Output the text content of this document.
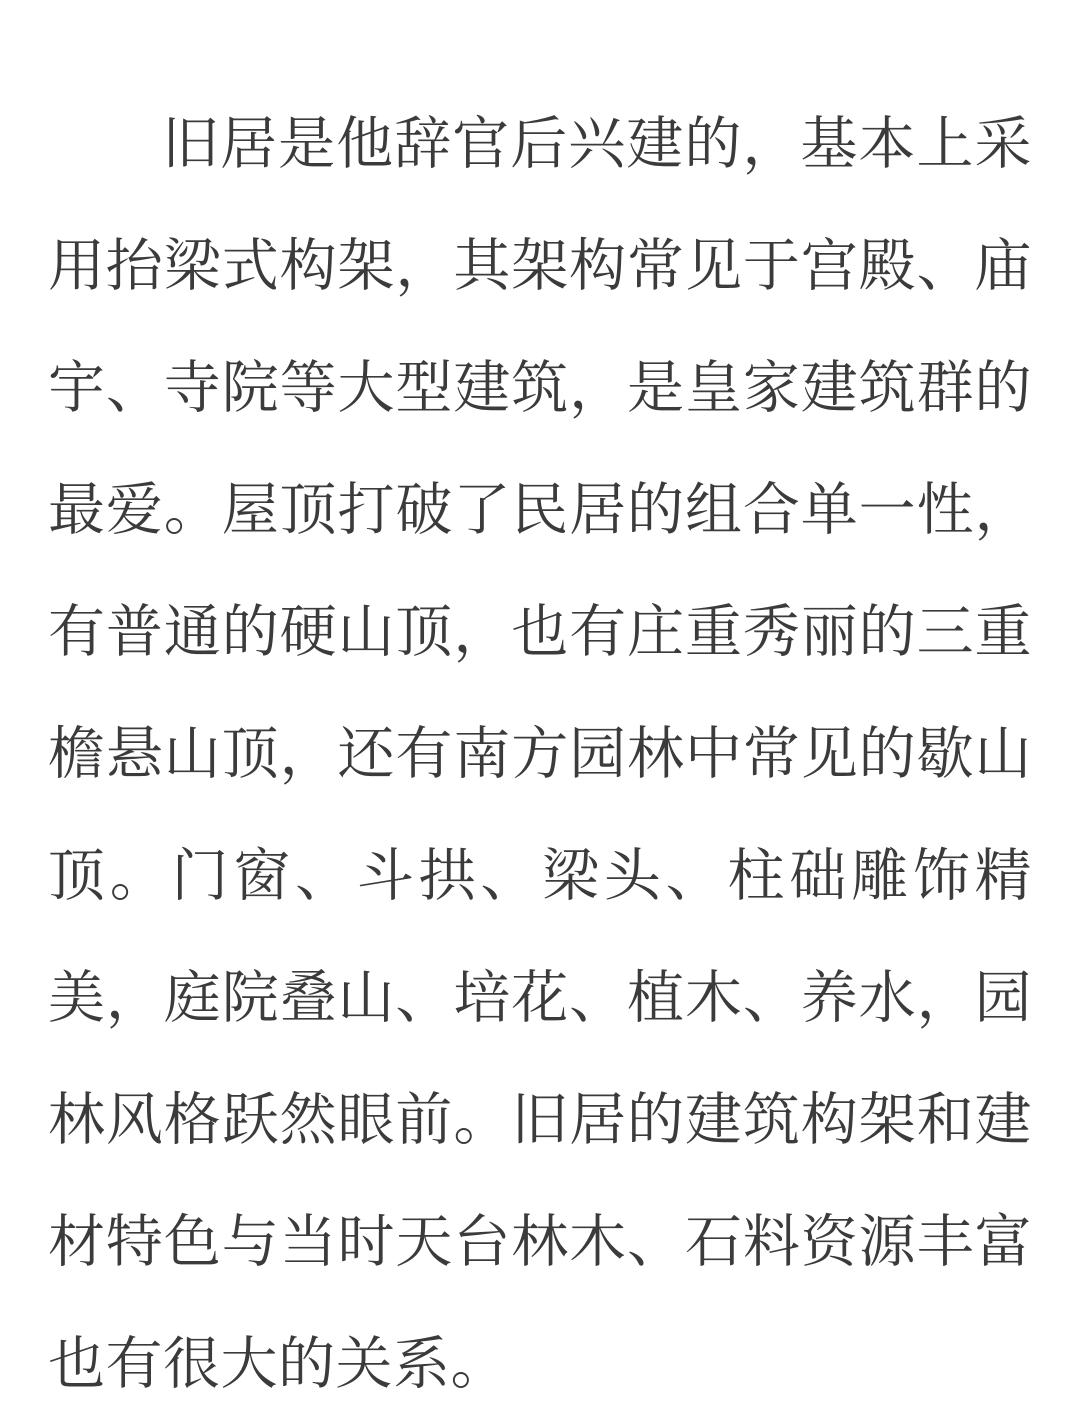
旧居是他辞官后兴建的，基本上采用抬梁式构架，其架构常见于宫殿、庙宇、寺院等大型建筑，是皇家建筑群的最爱。屋顶打破了民居的组合单一性，有普通的硬山顶，也有庄重秀丽的三重檐悬山顶，还有南方园林中常见的歇山顶。门窗、斗拱、梁头、柱础雕饰精美，庭院叠山、培花、植木、养水，园林风格跃然眼前。旧居的建筑构架和建材特色与当时天台林木、石料资源丰富也有很大的关系。
